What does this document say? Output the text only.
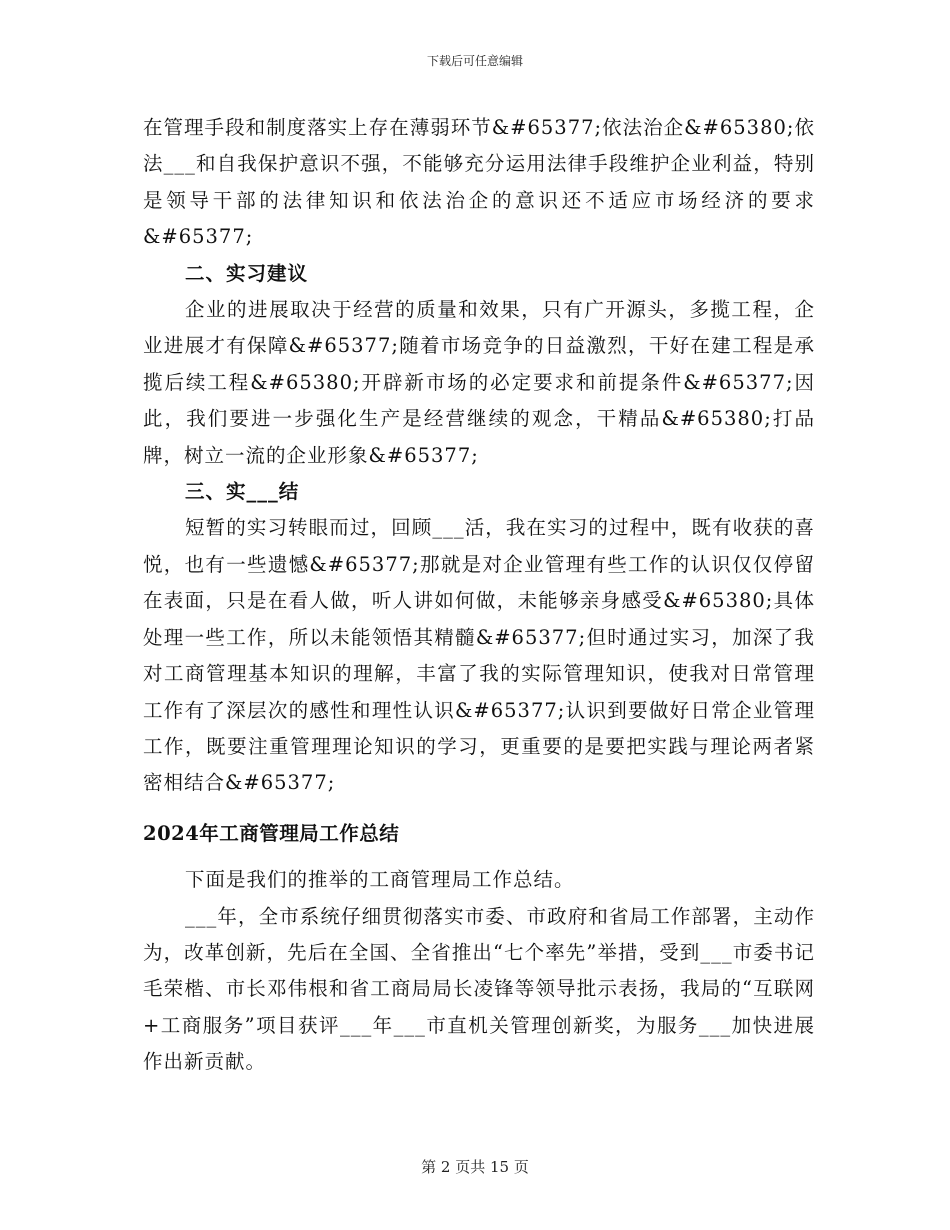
下载后可任意编辑

在管理手段和制度落实上存在薄弱环节&#65377;依法治企&#65380;依法___和自我保护意识不强，不能够充分运用法律手段维护企业利益，特别是领导干部的法律知识和依法治企的意识还不适应市场经济的要求&#65377;

二、实习建议

企业的进展取决于经营的质量和效果，只有广开源头，多揽工程，企业进展才有保障&#65377;随着市场竞争的日益激烈，干好在建工程是承揽后续工程&#65380;开辟新市场的必定要求和前提条件&#65377;因此，我们要进一步强化生产是经营继续的观念，干精品&#65380;打品牌，树立一流的企业形象&#65377;

三、实___结

短暂的实习转眼而过，回顾___活，我在实习的过程中，既有收获的喜悦，也有一些遗憾&#65377;那就是对企业管理有些工作的认识仅仅停留在表面，只是在看人做，听人讲如何做，未能够亲身感受&#65380;具体处理一些工作，所以未能领悟其精髓&#65377;但时通过实习，加深了我对工商管理基本知识的理解，丰富了我的实际管理知识，使我对日常管理工作有了深层次的感性和理性认识&#65377;认识到要做好日常企业管理工作，既要注重管理理论知识的学习，更重要的是要把实践与理论两者紧密相结合&#65377;

2024年工商管理局工作总结

下面是我们的推举的工商管理局工作总结。

___年，全市系统仔细贯彻落实市委、市政府和省局工作部署，主动作为，改革创新，先后在全国、全省推出“七个率先”举措，受到___市委书记毛荣楷、市长邓伟根和省工商局局长凌锋等领导批示表扬，我局的“互联网+工商服务”项目获评___年___市直机关管理创新奖，为服务___加快进展作出新贡献。

第 2 页共 15 页
